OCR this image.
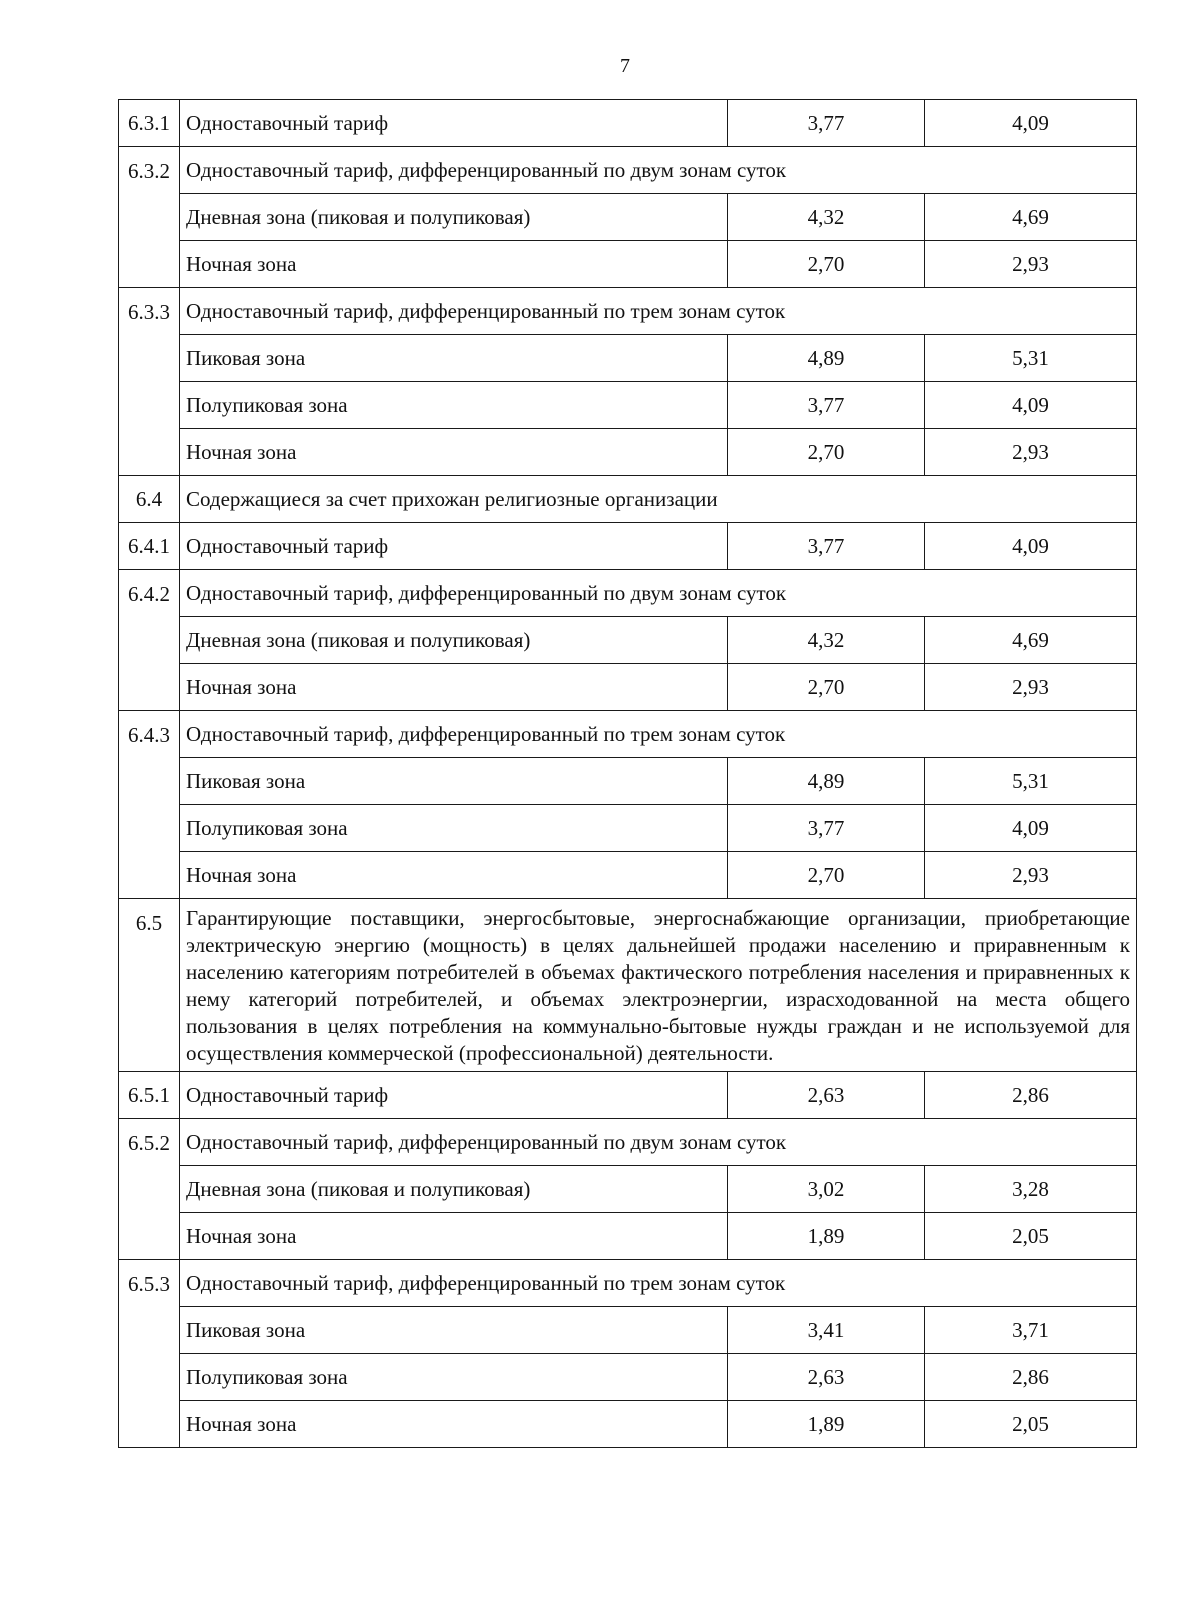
7
6.3.1	Одноставочный тариф	3,77	4,09
6.3.2	Одноставочный тариф, дифференцированный по двум зонам суток		
	Дневная зона (пиковая и полупиковая)	4,32	4,69
	Ночная зона	2,70	2,93
6.3.3	Одноставочный тариф, дифференцированный по трем зонам суток		
	Пиковая зона	4,89	5,31
	Полупиковая зона	3,77	4,09
	Ночная зона	2,70	2,93
6.4	Содержащиеся за счет прихожан религиозные организации		
6.4.1	Одноставочный тариф	3,77	4,09
6.4.2	Одноставочный тариф, дифференцированный по двум зонам суток		
	Дневная зона (пиковая и полупиковая)	4,32	4,69
	Ночная зона	2,70	2,93
6.4.3	Одноставочный тариф, дифференцированный по трем зонам суток		
	Пиковая зона	4,89	5,31
	Полупиковая зона	3,77	4,09
	Ночная зона	2,70	2,93
6.5	Гарантирующие поставщики, энергосбытовые, энергоснабжающие организации, приобретающие электрическую энергию (мощность) в целях дальнейшей продажи населению и приравненным к населению категориям потребителей в объемах фактического потребления населения и приравненных к нему категорий потребителей, и объемах электроэнергии, израсходованной на места общего пользования в целях потребления на коммунально-бытовые нужды граждан и не используемой для осуществления коммерческой (профессиональной) деятельности.		
6.5.1	Одноставочный тариф	2,63	2,86
6.5.2	Одноставочный тариф, дифференцированный по двум зонам суток		
	Дневная зона (пиковая и полупиковая)	3,02	3,28
	Ночная зона	1,89	2,05
6.5.3	Одноставочный тариф, дифференцированный по трем зонам суток		
	Пиковая зона	3,41	3,71
	Полупиковая зона	2,63	2,86
	Ночная зона	1,89	2,05
